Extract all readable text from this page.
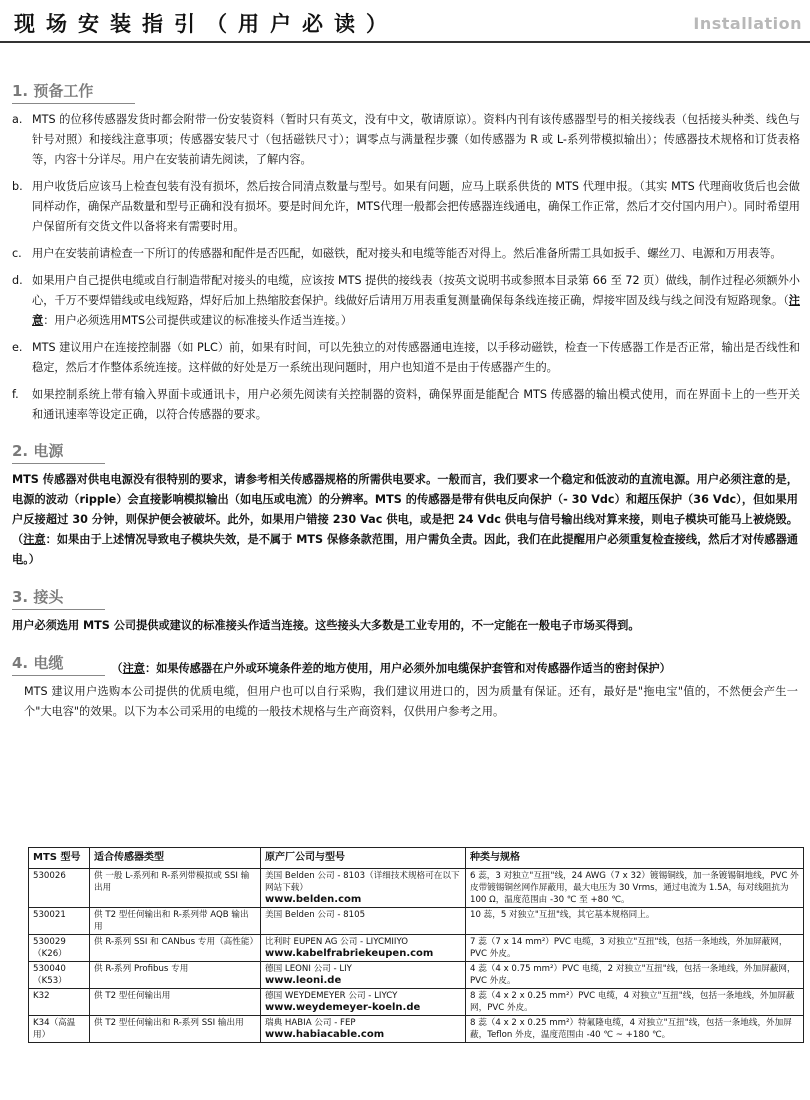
现场安装指引（用户必读）	Installation
1. 预备工作
a. MTS 的位移传感器发货时都会附带一份安装资料（暂时只有英文，没有中文，敬请原谅）。资料内刊有该传感器型号的相关接线表（包括接头种类、线色与针号对照）和接线注意事项；传感器安装尺寸（包括磁铁尺寸）；调零点与满量程步骤（如传感器为 R 或 L-系列带模拟输出）；传感器技术规格和订货表格等，内容十分详尽。用户在安装前请先阅读，了解内容。
b. 用户收货后应该马上检查包装有没有损坏，然后按合同清点数量与型号。如果有问题，应马上联系供货的 MTS 代理申报。（其实 MTS 代理商收货后也会做同样动作，确保产品数量和型号正确和没有损坏。要是时间允许，MTS代理一般都会把传感器连线通电，确保工作正常，然后才交付国内用户）。同时希望用户保留所有交货文件以备将来有需要时用。
c. 用户在安装前请检查一下所订的传感器和配件是否匹配，如磁铁，配对接头和电缆等能否对得上。然后准备所需工具如扳手、螺丝刀、电源和万用表等。
d. 如果用户自己提供电缆或自行制造带配对接头的电缆，应该按 MTS 提供的接线表（按英文说明书或参照本目录第 66 至 72 页）做线，制作过程必须额外小心，千万不要焊错线或电线短路，焊好后加上热缩胶套保护。线做好后请用万用表重复测量确保每条线连接正确，焊接牢固及线与线之间没有短路现象。（注意：用户必须选用MTS公司提供或建议的标准接头作适当连接。）
e. MTS 建议用户在连接控制器（如 PLC）前，如果有时间，可以先独立的对传感器通电连接，以手移动磁铁，检查一下传感器工作是否正常，输出是否线性和稳定，然后才作整体系统连接。这样做的好处是万一系统出现问题时，用户也知道不是由于传感器产生的。
f.	如果控制系统上带有输入界面卡或通讯卡，用户必须先阅读有关控制器的资料，确保界面是能配合 MTS 传感器的输出模式使用，而在界面卡上的一些开关和通讯速率等设定正确，以符合传感器的要求。
2. 电源
MTS 传感器对供电电源没有很特别的要求，请参考相关传感器规格的所需供电要求。一般而言，我们要求一个稳定和低波动的直流电源。用户必须注意的是，电源的波动（ripple）会直接影响模拟输出（如电压或电流）的分辨率。MTS 的传感器是带有供电反向保护（- 30 Vdc）和超压保护（36 Vdc），但如果用户反接超过 30 分钟，则保护便会被破坏。此外，如果用户错接 230 Vac 供电，或是把 24 Vdc 供电与信号输出线对算来接，则电子模块可能马上被烧毁。（注意：如果由于上述情况导致电子模块失效，是不属于 MTS 保修条款范围，用户需负全责。因此，我们在此提醒用户必须重复检查接线，然后才对传感器通电。）
3. 接头
用户必须选用 MTS 公司提供或建议的标准接头作适当连接。这些接头大多数是工业专用的，不一定能在一般电子市场买得到。
4. 电缆	（注意：如果传感器在户外或环境条件差的地方使用，用户必须外加电缆保护套管和对传感器作适当的密封保护）
MTS 建议用户选购本公司提供的优质电缆，但用户也可以自行采购，我们建议用进口的，因为质量有保证。还有，最好是"拖电宝"值的，不然便会产生一个"大电容"的效果。以下为本公司采用的电缆的一般技术规格与生产商资料，仅供用户参考之用。
MTS 型号	适合传感器类型	原产厂公司与型号	种类与规格
530026	供 一般 L-系列和 R-系列带模拟或 SSI 输出用	美国 Belden 公司 - 8103（详细技术规格可在以下网站下载）
www.belden.com	6 蕊，3 对独立"互扭"线，24 AWG（7 x 32）镀锡铜线，加一条镀锡铜地线，PVC 外皮带镀锡铜丝网作屏蔽用，最大电压为 30 Vrms，通过电流为 1.5A，每对线阻抗为 100 Ω，温度范围由 -30 ℃ 至 +80 ℃。
530021	供 T2 型任何输出和 R-系列带 AQB 输出用	美国 Belden 公司 - 8105	10 蕊，5 对独立"互扭"线，其它基本规格同上。
530029（K26）	供 R-系列 SSI 和 CANbus 专用（高性能）	比利时 EUPEN AG 公司 - LIYCMIIYO
www.kabelfrabriekeupen.com	7 蕊（7 x 14 mm²）PVC 电缆，3 对独立"互扭"线，包括一条地线，外加屏蔽网，PVC 外皮。
530040（K53）	供 R-系列 Profibus 专用	德国 LEONI 公司 - LIY
www.leoni.de	4 蕊（4 x 0.75 mm²）PVC 电缆，2 对独立"互扭"线，包括一条地线，外加屏蔽网，PVC 外皮。
K32	供 T2 型任何输出用	德国 WEYDEMEYER 公司 - LIYCY
www.weydemeyer-koeln.de	8 蕊（4 x 2 x 0.25 mm²）PVC 电缆，4 对独立"互扭"线，包括一条地线，外加屏蔽网，PVC 外皮。
K34（高温用）	供 T2 型任何输出和 R-系列 SSI 输出用	瑞典 HABIA 公司 - FEP
www.habiacable.com	8 蕊（4 x 2 x 0.25 mm²）特氟隆电缆，4 对独立"互扭"线，包括一条地线，外加屏蔽，Teflon 外皮，温度范围由 -40 ℃ ~ +180 ℃。
